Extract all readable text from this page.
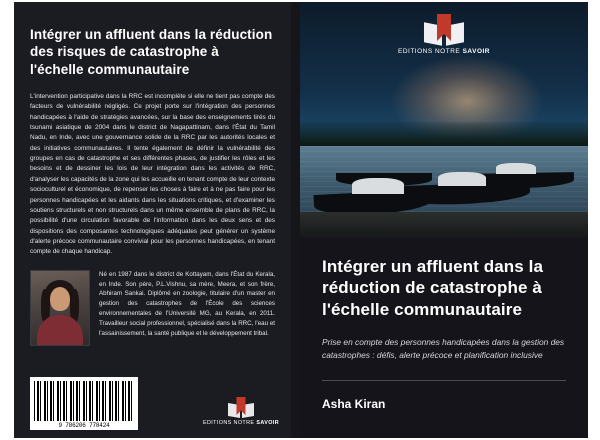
Intégrer un affluent dans la réduction des risques de catastrophe à l'échelle communautaire
L'intervention participative dans la RRC est incomplète si elle ne tient pas compte des facteurs de vulnérabilité négligés. Ce projet porte sur l'intégration des personnes handicapées à l'aide de stratégies avancées, sur la base des enseignements tirés du tsunami asiatique de 2004 dans le district de Nagapattinam, dans l'État du Tamil Nadu, en Inde, avec une gouvernance solide de la RRC par les autorités locales et des initiatives communautaires. Il tente également de définir la vulnérabilité des groupes en cas de catastrophe et ses différentes phases, de justifier les rôles et les besoins et de dessiner les lois de leur intégration dans les activités de RRC, d'analyser les capacités de la zone qui les accueille en tenant compte de leur contexte socioculturel et économique, de repenser les choses à faire et à ne pas faire pour les personnes handicapées et les aidants dans les situations critiques, et d'examiner les soutiens structurels et non structurels dans un même ensemble de plans de RRC, la possibilité d'une circulation favorable de l'information dans les deux sens et des dispositions des composantes technologiques adéquates peut générer un système d'alerte précoce communautaire convivial pour les personnes handicapées, en tenant compte de chaque handicap.
Né en 1987 dans le district de Kottayam, dans l'État du Kerala, en Inde. Son père, P.L.Vishnu, sa mère, Meera, et son frère, Abhiram Sankai. Diplômé en zoologie, titulaire d'un master en gestion des catastrophes de l'École des sciences environnementales de l'Université MG, au Kerala, en 2011. Travailleur social professionnel, spécialisé dans la RRC, l'eau et l'assainissement, la santé publique et le développement tribal.
9 786206 778424	EDITIONS NOTRE SAVOIR
EDITIONS NOTRE SAVOIR
Intégrer un affluent dans la réduction de catastrophe à l'échelle communautaire
Prise en compte des personnes handicapées dans la gestion des catastrophes : défis, alerte précoce et planification inclusive
Asha Kiran
